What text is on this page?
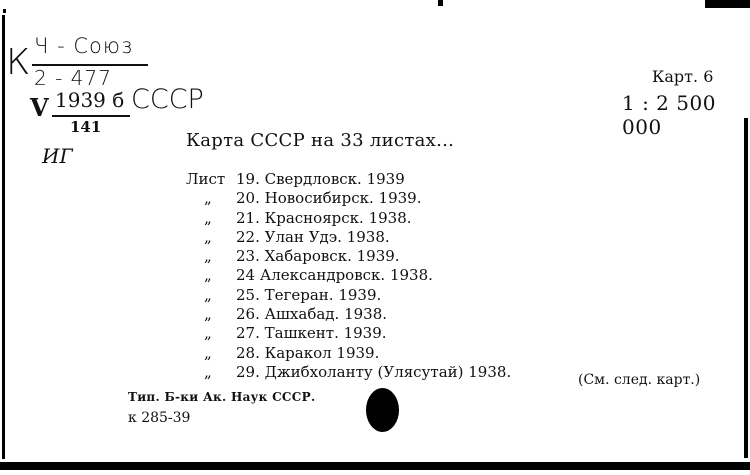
К Ч - Союз
2 - 477
V 1939 б СССР
141
ИГ
Карт. 6
1 : 2 500 000
Карта СССР на 33 листах...
Лист 19. Свердловск. 1939
„ 20. Новосибирск. 1939.
„ 21. Красноярск. 1938.
„ 22. Улан Удэ. 1938.
„ 23. Хабаровск. 1939.
„ 24 Александровск. 1938.
„ 25. Тегеран. 1939.
„ 26. Ашхабад. 1938.
„ 27. Ташкент. 1939.
„ 28. Каракол 1939.
„ 29. Джибхоланту (Улясутай) 1938.	(См. след. карт.)
Тип. Б-ки Ак. Наук СССР.
к 285-39
